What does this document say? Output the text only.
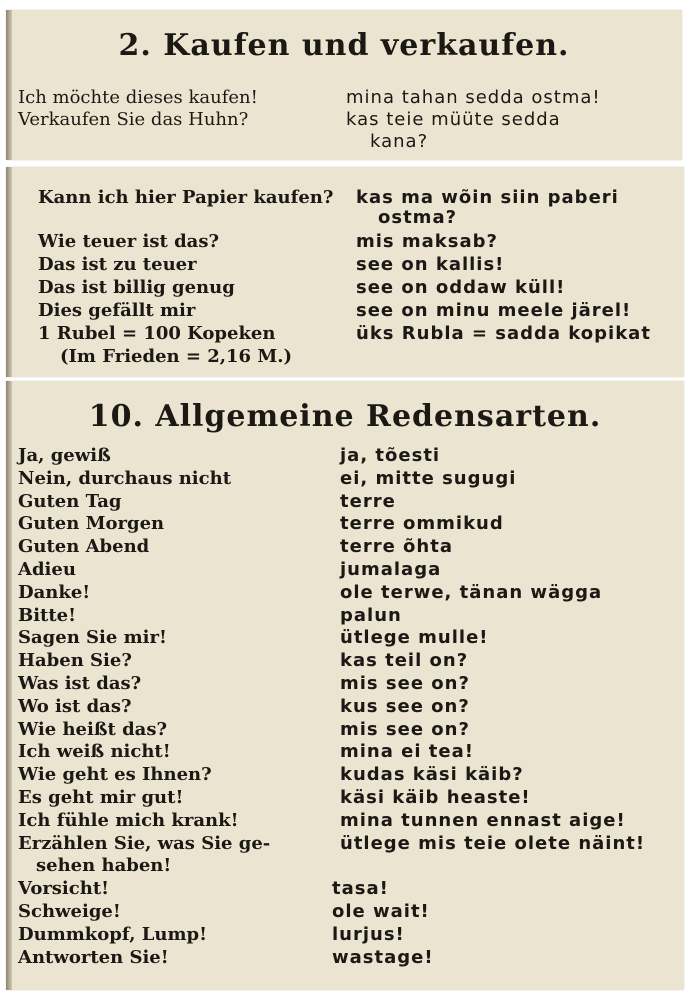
2. Kaufen und verkaufen.
Ich möchte dieses kaufen!	mina tahan sedda ostma!
Verkaufen Sie das Huhn?	kas teie müüte sedda
kana?
Kann ich hier Papier kaufen? kas ma wõin siin paberi
ostma?
Wie teuer ist das?	mis maksab?
Das ist zu teuer	see on kallis!
Das ist billig genug	see on oddaw küll!
Dies gefällt mir	see on minu meele järel!
1 Rubel = 100 Kopeken	üks Rubla = sadda kopikat
(Im Frieden = 2,16 M.)
10. Allgemeine Redensarten.
Ja, gewiß	ja, tõesti
Nein, durchaus nicht	ei, mitte sugugi
Guten Tag	terre
Guten Morgen	terre ommikud
Guten Abend	terre õhta
Adieu	jumalaga
Danke!	ole terwe, tänan wägga
Bitte!	palun
Sagen Sie mir!	ütlege mulle!
Haben Sie?	kas teil on?
Was ist das?	mis see on?
Wo ist das?	kus see on?
Wie heißt das?	mis see on?
Ich weiß nicht!	mina ei tea!
Wie geht es Ihnen?	kudas käsi käib?
Es geht mir gut!	käsi käib heaste!
Ich fühle mich krank!	mina tunnen ennast aige!
Erzählen Sie, was Sie ge-	ütlege mis teie olete näint!
sehen haben!
Vorsicht!	tasa!
Schweige!	ole wait!
Dummkopf, Lump!	lurjus!
Antworten Sie!	wastage!
